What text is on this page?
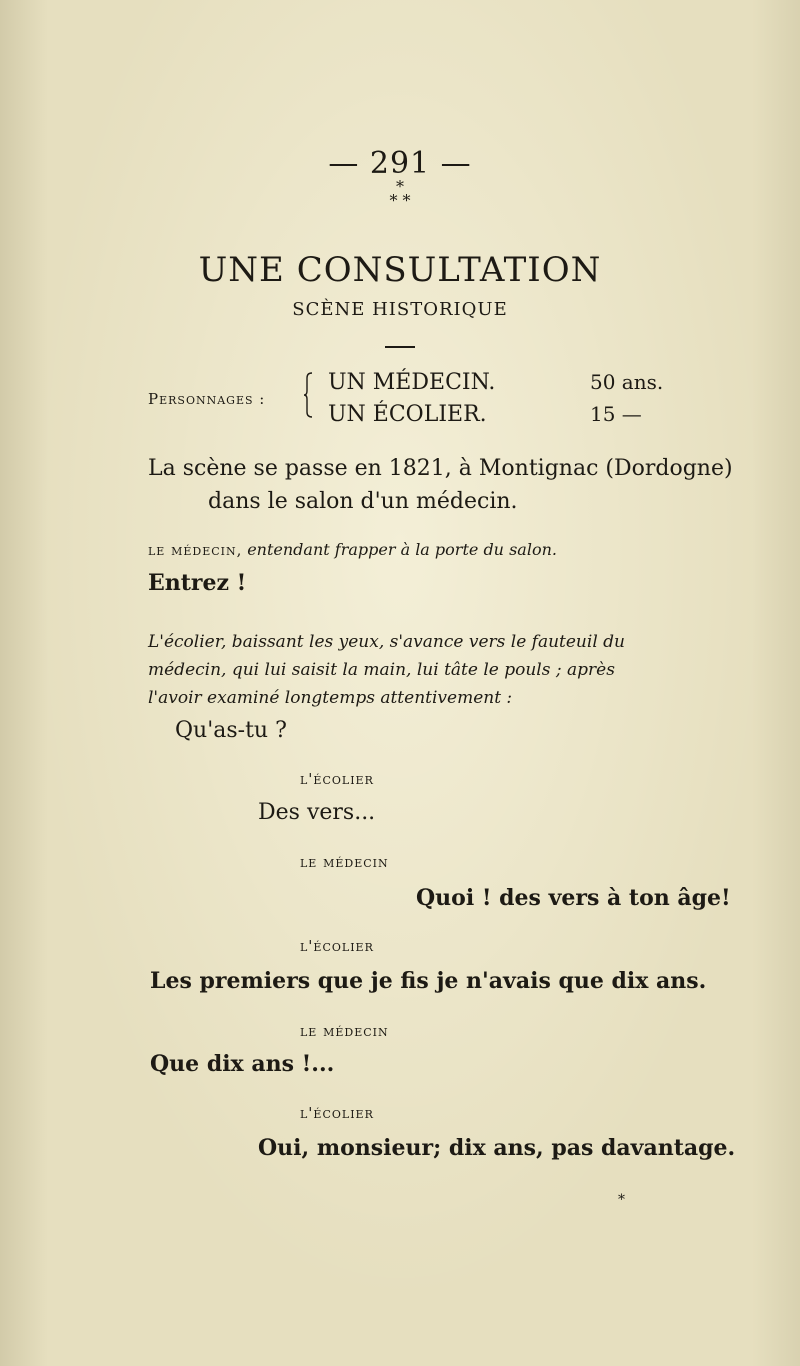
— 291 —
*
* *
UNE CONSULTATION
SCÈNE HISTORIQUE
Personnages :
UN MÉDECIN.	50 ans.
UN ÉCOLIER.	15 —
La scène se passe en 1821, à Montignac (Dordogne)
dans le salon d'un médecin.
le médecin, entendant frapper à la porte du salon.
Entrez !
L'écolier, baissant les yeux, s'avance vers le fauteuil du
médecin, qui lui saisit la main, lui tâte le pouls ; après
l'avoir examiné longtemps attentivement :
Qu'as-tu ?
l'écolier
Des vers...
le médecin
Quoi ! des vers à ton âge!
l'écolier
Les premiers que je fis je n'avais que dix ans.
le médecin
Que dix ans !...
l'écolier
Oui, monsieur; dix ans, pas davantage.
*
